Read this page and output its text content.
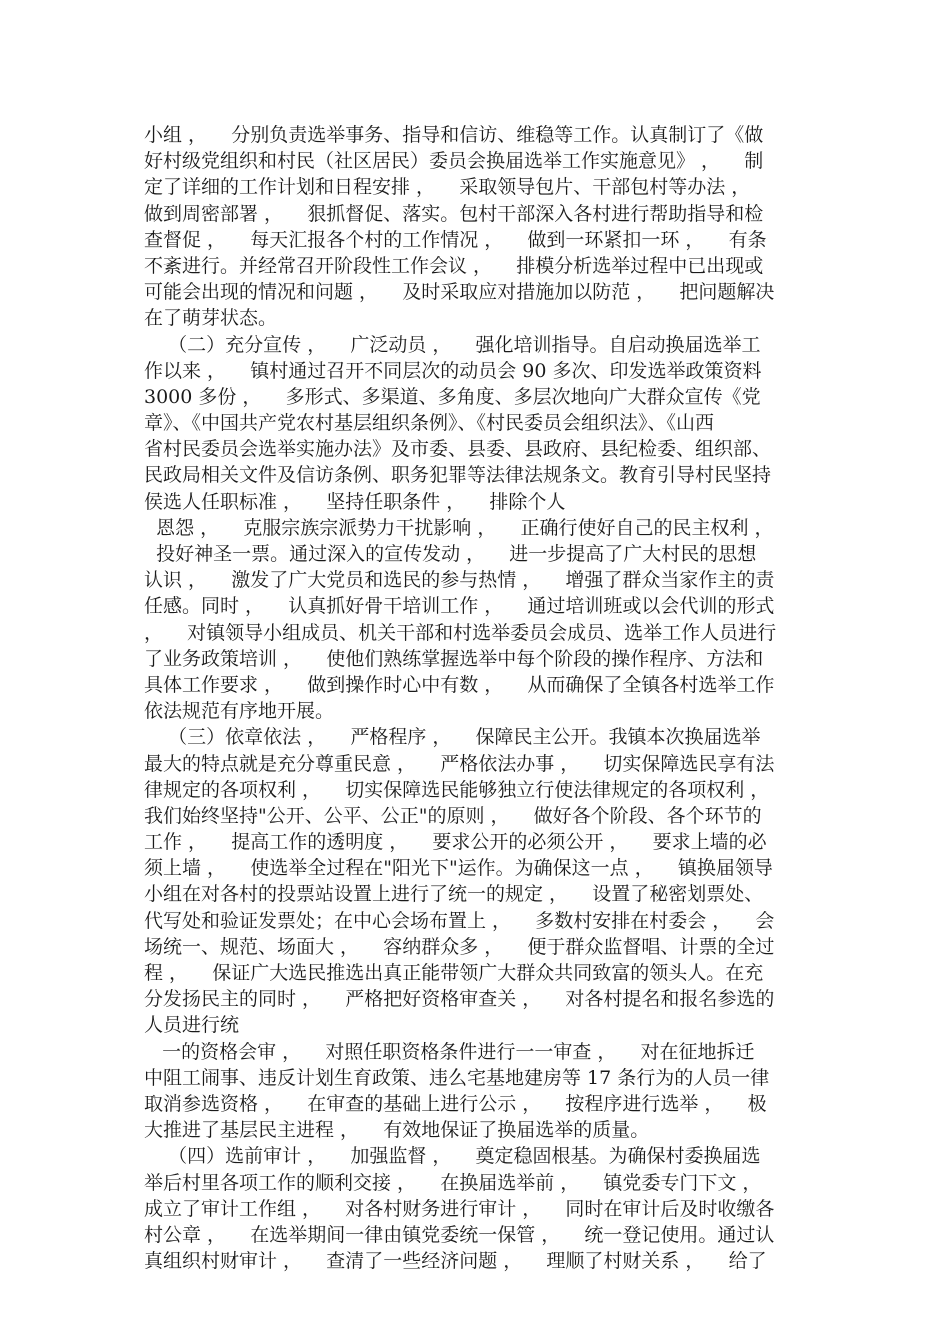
小组 ，    分别负责选举事务、指导和信访、维稳等工作。认真制订了《做
好村级党组织和村民（社区居民）委员会换届选举工作实施意见》 ，    制
定了详细的工作计划和日程安排 ，    采取领导包片、干部包村等办法 ，
做到周密部署 ，    狠抓督促、落实。包村干部深入各村进行帮助指导和检
查督促 ，    每天汇报各个村的工作情况 ，    做到一环紧扣一环 ，    有条
不紊进行。并经常召开阶段性工作会议 ，    排模分析选举过程中已出现或
可能会出现的情况和问题 ，    及时采取应对措施加以防范 ，    把问题解决
在了萌芽状态。
（二）充分宣传 ，    广泛动员 ，    强化培训指导。自启动换届选举工
作以来 ，    镇村通过召开不同层次的动员会 90 多次、印发选举政策资料
3000 多份 ，    多形式、多渠道、多角度、多层次地向广大群众宣传《党
章》、《中国共产党农村基层组织条例》、《村民委员会组织法》、《山西
省村民委员会选举实施办法》及市委、县委、县政府、县纪检委、组织部、
民政局相关文件及信访条例、职务犯罪等法律法规条文。教育引导村民坚持
侯选人任职标准 ，    坚持任职条件 ，    排除个人
恩怨 ，    克服宗族宗派势力干扰影响 ，    正确行使好自己的民主权利 ，
投好神圣一票。通过深入的宣传发动 ，    进一步提高了广大村民的思想
认识 ，    激发了广大党员和选民的参与热情 ，    增强了群众当家作主的责
任感。同时 ，    认真抓好骨干培训工作 ，    通过培训班或以会代训的形式
，    对镇领导小组成员、机关干部和村选举委员会成员、选举工作人员进行
了业务政策培训 ，    使他们熟练掌握选举中每个阶段的操作程序、方法和
具体工作要求 ，    做到操作时心中有数 ，    从而确保了全镇各村选举工作
依法规范有序地开展。
（三）依章依法 ，    严格程序 ，    保障民主公开。我镇本次换届选举
最大的特点就是充分尊重民意 ，    严格依法办事 ，    切实保障选民享有法
律规定的各项权利 ，    切实保障选民能够独立行使法律规定的各项权利 ，
我们始终坚持"公开、公平、公正"的原则 ，    做好各个阶段、各个环节的
工作 ，    提高工作的透明度 ，    要求公开的必须公开 ，    要求上墙的必
须上墙 ，    使选举全过程在"阳光下"运作。为确保这一点 ，    镇换届领导
小组在对各村的投票站设置上进行了统一的规定 ，    设置了秘密划票处、
代写处和验证发票处；在中心会场布置上 ，    多数村安排在村委会 ，    会
场统一、规范、场面大 ，    容纳群众多 ，    便于群众监督唱、计票的全过
程 ，    保证广大选民推选出真正能带领广大群众共同致富的领头人。在充
分发扬民主的同时 ，    严格把好资格审查关 ，    对各村提名和报名参选的
人员进行统
一的资格会审 ，    对照任职资格条件进行一一审查 ，    对在征地拆迁
中阻工闹事、违反计划生育政策、违么宅基地建房等 17 条行为的人员一律
取消参选资格 ，    在审查的基础上进行公示 ，    按程序进行选举 ，    极
大推进了基层民主进程 ，    有效地保证了换届选举的质量。
（四）选前审计 ，    加强监督 ，    奠定稳固根基。为确保村委换届选
举后村里各项工作的顺利交接 ，    在换届选举前 ，    镇党委专门下文 ，
成立了审计工作组 ，    对各村财务进行审计 ，    同时在审计后及时收缴各
村公章 ，    在选举期间一律由镇党委统一保管 ，    统一登记使用。通过认
真组织村财审计 ，    查清了一些经济问题 ，    理顺了村财关系 ，    给了
